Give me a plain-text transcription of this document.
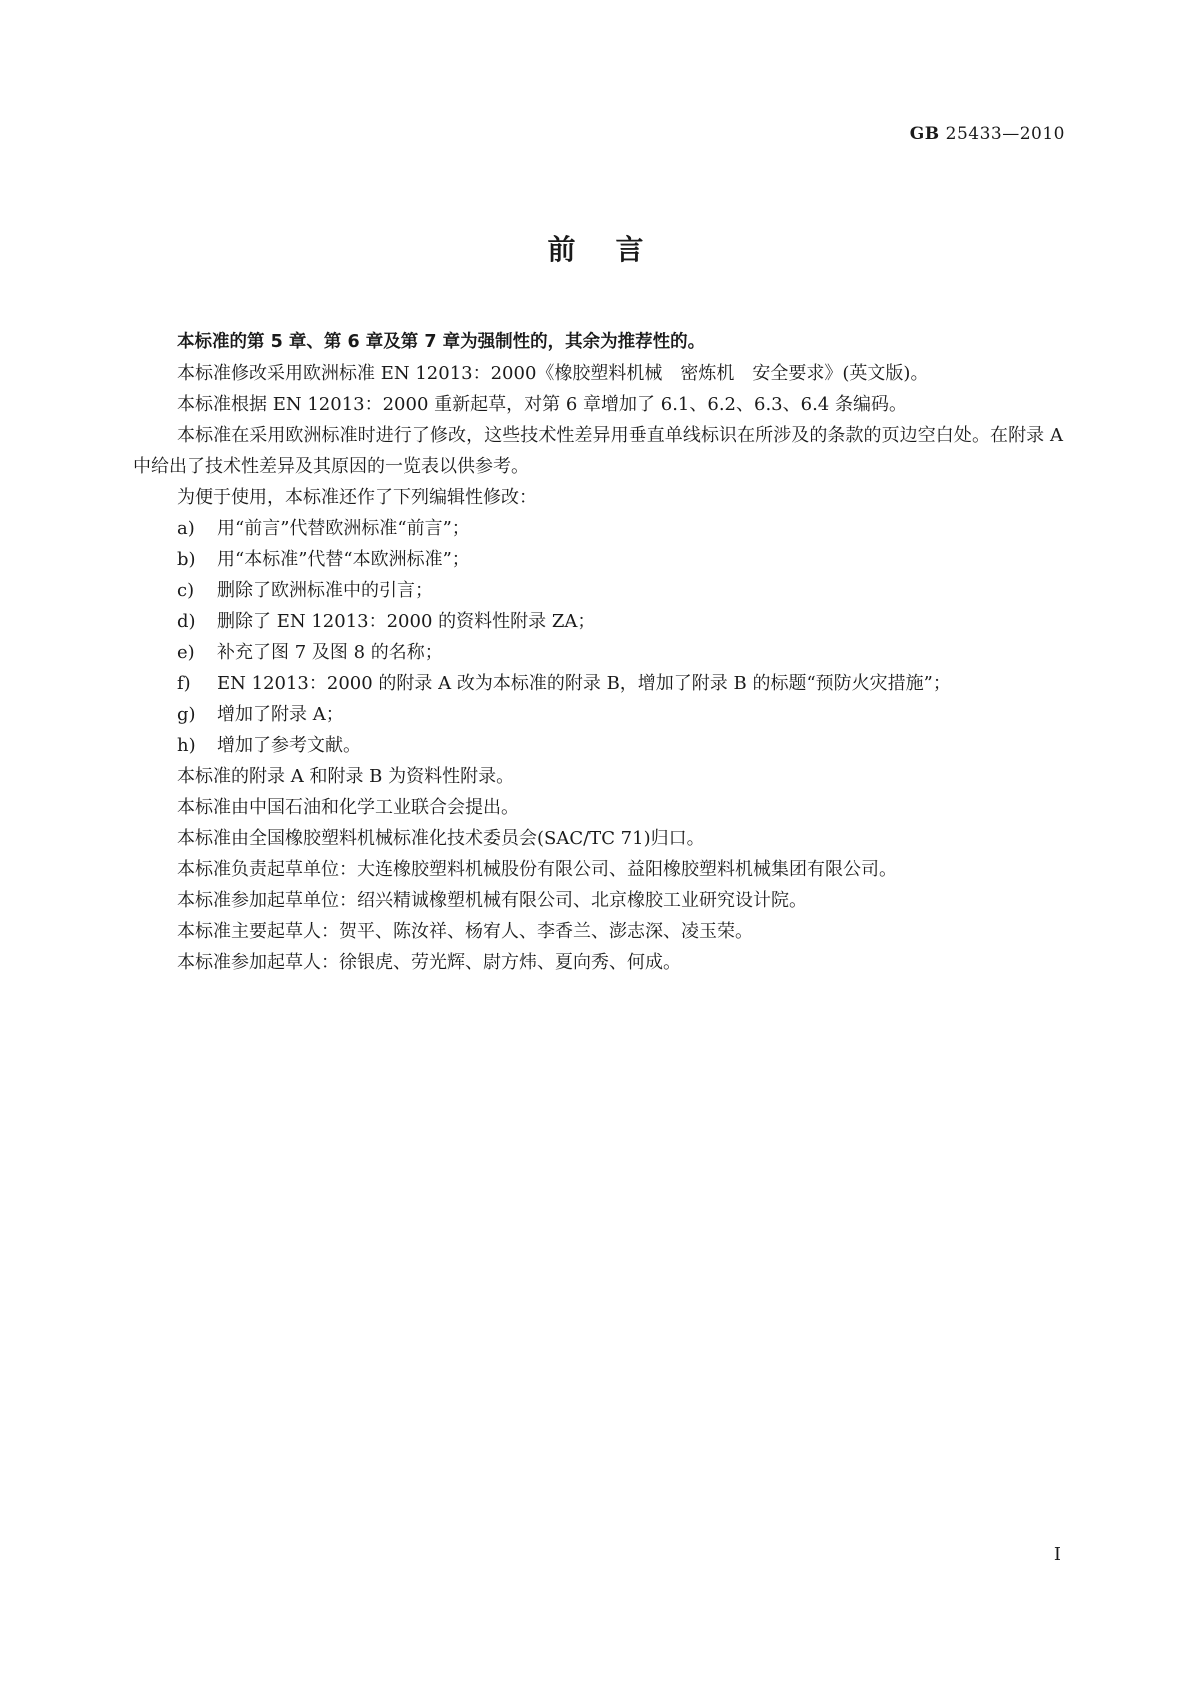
GB 25433—2010
前言

本标准的第 5 章、第 6 章及第 7 章为强制性的，其余为推荐性的。

本标准修改采用欧洲标准 EN 12013：2000《橡胶塑料机械　密炼机　安全要求》(英文版)。

本标准根据 EN 12013：2000 重新起草，对第 6 章增加了 6.1、6.2、6.3、6.4 条编码。

本标准在采用欧洲标准时进行了修改，这些技术性差异用垂直单线标识在所涉及的条款的页边空白处。在附录 A 中给出了技术性差异及其原因的一览表以供参考。

为便于使用，本标准还作了下列编辑性修改：

a)	用“前言”代替欧洲标准“前言”；
b)	用“本标准”代替“本欧洲标准”；
c)	删除了欧洲标准中的引言；
d)	删除了 EN 12013：2000 的资料性附录 ZA；
e)	补充了图 7 及图 8 的名称；
f)	EN 12013：2000 的附录 A 改为本标准的附录 B，增加了附录 B 的标题“预防火灾措施”；
g)	增加了附录 A；
h)	增加了参考文献。

本标准的附录 A 和附录 B 为资料性附录。

本标准由中国石油和化学工业联合会提出。

本标准由全国橡胶塑料机械标准化技术委员会(SAC/TC 71)归口。

本标准负责起草单位：大连橡胶塑料机械股份有限公司、益阳橡胶塑料机械集团有限公司。

本标准参加起草单位：绍兴精诚橡塑机械有限公司、北京橡胶工业研究设计院。

本标准主要起草人：贺平、陈汝祥、杨宥人、李香兰、澎志深、凌玉荣。

本标准参加起草人：徐银虎、劳光辉、尉方炜、夏向秀、何成。

I
